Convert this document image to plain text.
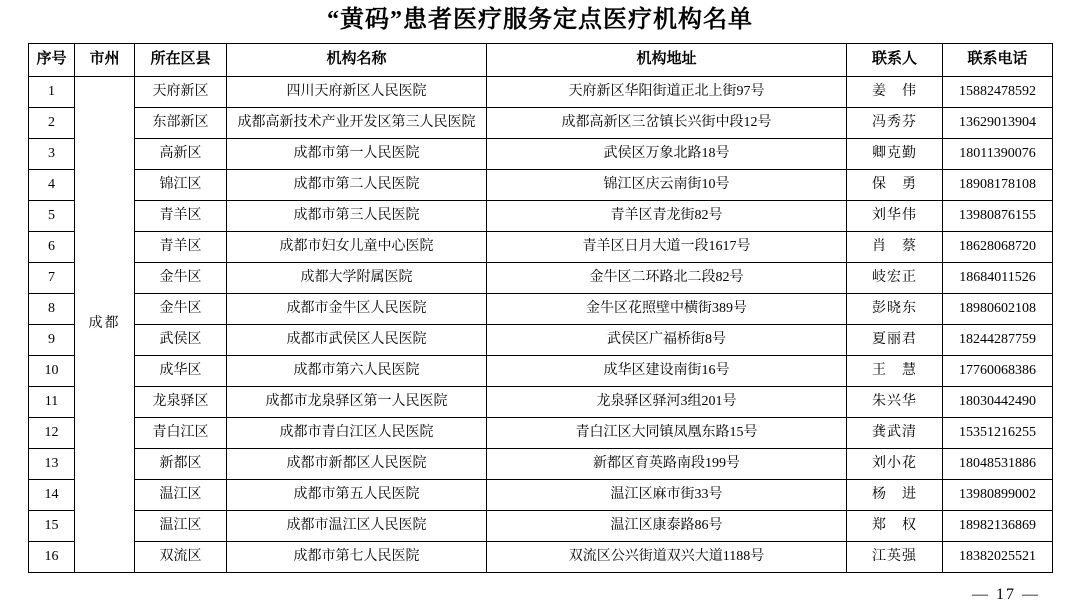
“黄码”患者医疗服务定点医疗机构名单
序号	市州	所在区县	机构名称	机构地址	联系人	联系电话
1	成都	天府新区	四川天府新区人民医院	天府新区华阳街道正北上街97号	姜　伟	15882478592
2		东部新区	成都高新技术产业开发区第三人民医院	成都高新区三岔镇长兴街中段12号	冯秀芬	13629013904
3		高新区	成都市第一人民医院	武侯区万象北路18号	卿克勤	18011390076
4		锦江区	成都市第二人民医院	锦江区庆云南街10号	保　勇	18908178108
5		青羊区	成都市第三人民医院	青羊区青龙街82号	刘华伟	13980876155
6		青羊区	成都市妇女儿童中心医院	青羊区日月大道一段1617号	肖　蔡	18628068720
7		金牛区	成都大学附属医院	金牛区二环路北二段82号	岐宏正	18684011526
8		金牛区	成都市金牛区人民医院	金牛区花照壁中横街389号	彭晓东	18980602108
9		武侯区	成都市武侯区人民医院	武侯区广福桥街8号	夏丽君	18244287759
10		成华区	成都市第六人民医院	成华区建设南街16号	王　慧	17760068386
11		龙泉驿区	成都市龙泉驿区第一人民医院	龙泉驿区驿河3组201号	朱兴华	18030442490
12		青白江区	成都市青白江区人民医院	青白江区大同镇凤凰东路15号	龚武清	15351216255
13		新都区	成都市新都区人民医院	新都区育英路南段199号	刘小花	18048531886
14		温江区	成都市第五人民医院	温江区麻市街33号	杨　进	13980899002
15		温江区	成都市温江区人民医院	温江区康泰路86号	郑　权	18982136869
16		双流区	成都市第七人民医院	双流区公兴街道双兴大道1188号	江英强	18382025521
— 17 —
